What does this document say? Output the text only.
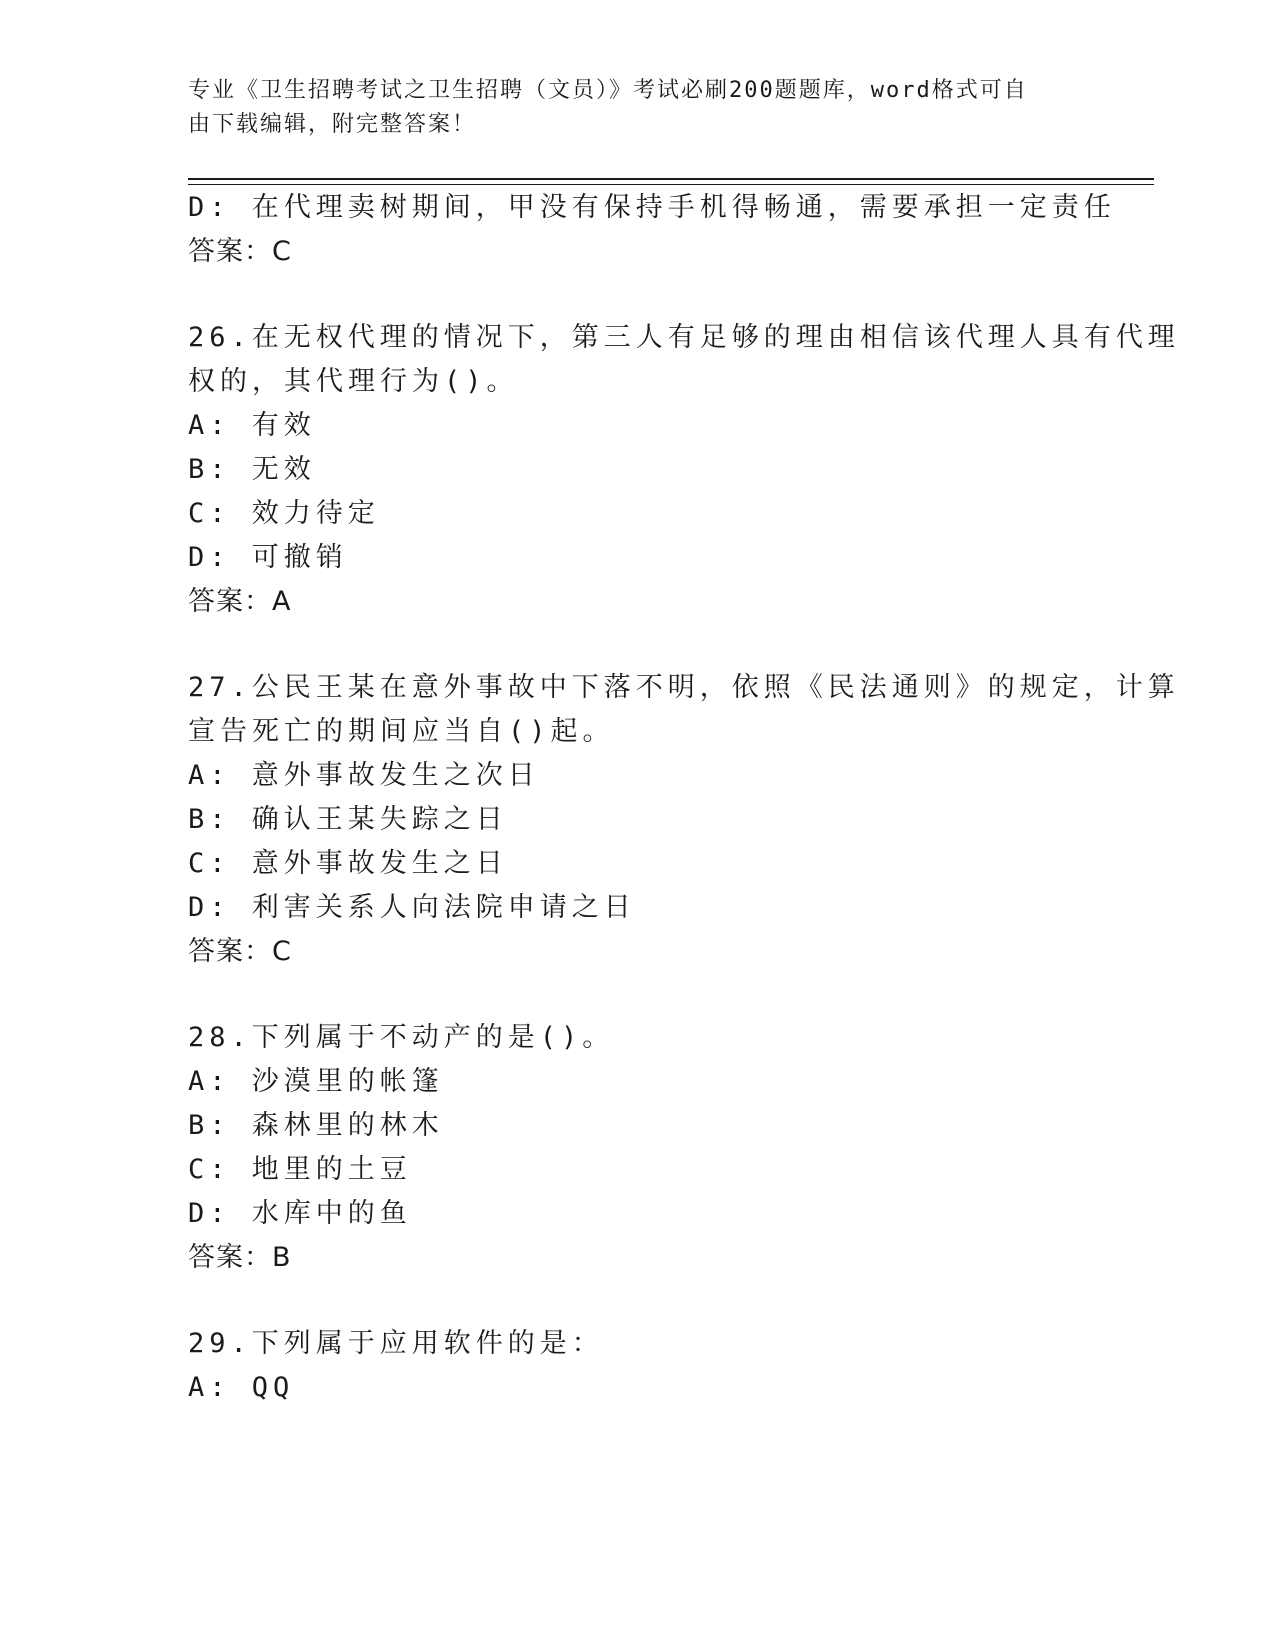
专业《卫生招聘考试之卫生招聘（文员）》考试必刷200题题库，word格式可自
由下载编辑，附完整答案！
D: 在代理卖树期间，甲没有保持手机得畅通，需要承担一定责任
答案：C
26.在无权代理的情况下，第三人有足够的理由相信该代理人具有代理
权的，其代理行为()。
A: 有效
B: 无效
C: 效力待定
D: 可撤销
答案：A
27.公民王某在意外事故中下落不明，依照《民法通则》的规定，计算
宣告死亡的期间应当自()起。
A: 意外事故发生之次日
B: 确认王某失踪之日
C: 意外事故发生之日
D: 利害关系人向法院申请之日
答案：C
28.下列属于不动产的是()。
A: 沙漠里的帐篷
B: 森林里的林木
C: 地里的土豆
D: 水库中的鱼
答案：B
29.下列属于应用软件的是：
A: QQ
